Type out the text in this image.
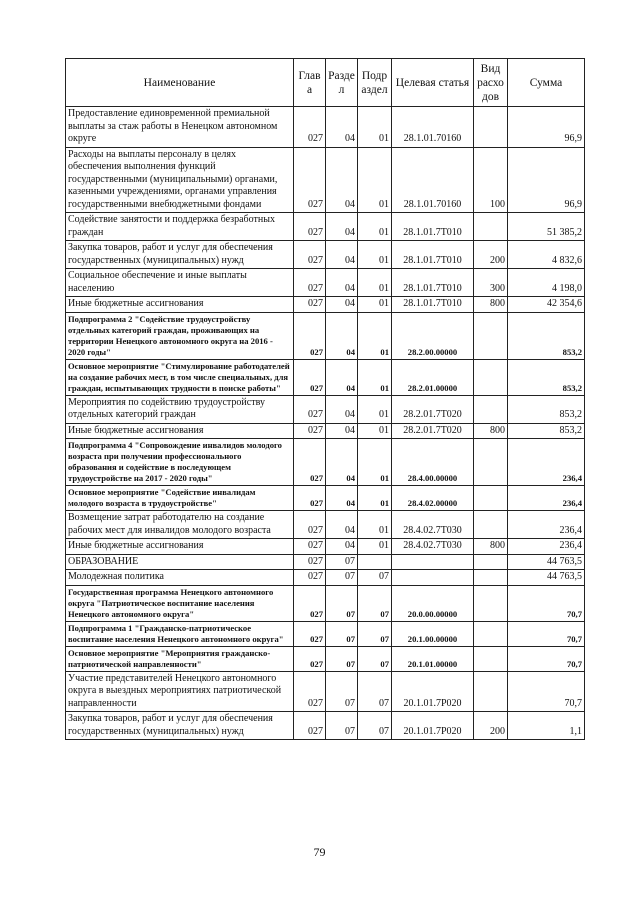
Наименование	Глав а	Разде л	Подр аздел	Целевая статья	Вид расхо дов	Сумма
Предоставление единовременной премиальной выплаты за стаж работы в Ненецком автономном округе	027	04	01	28.1.01.70160		96,9
Расходы на выплаты персоналу в целях обеспечения выполнения функций государственными (муниципальными) органами, казенными учреждениями, органами управления государственными внебюджетными фондами	027	04	01	28.1.01.70160	100	96,9
Содействие занятости и поддержка безработных граждан	027	04	01	28.1.01.7Т010		51 385,2
Закупка товаров, работ и услуг для обеспечения государственных (муниципальных) нужд	027	04	01	28.1.01.7Т010	200	4 832,6
Социальное обеспечение и иные выплаты населению	027	04	01	28.1.01.7Т010	300	4 198,0
Иные бюджетные ассигнования	027	04	01	28.1.01.7Т010	800	42 354,6
Подпрограмма 2 "Содействие трудоустройству отдельных категорий граждан, проживающих на территории Ненецкого автономного округа на 2016 - 2020 годы"	027	04	01	28.2.00.00000		853,2
Основное мероприятие "Стимулирование работодателей на создание рабочих мест, в том числе специальных, для граждан, испытывающих трудности в поиске работы"	027	04	01	28.2.01.00000		853,2
Мероприятия по содействию трудоустройству отдельных категорий граждан	027	04	01	28.2.01.7Т020		853,2
Иные бюджетные ассигнования	027	04	01	28.2.01.7Т020	800	853,2
Подпрограмма 4 "Сопровождение инвалидов молодого возраста при получении профессионального образования и содействие в последующем трудоустройстве на 2017 - 2020 годы"	027	04	01	28.4.00.00000		236,4
Основное мероприятие "Содействие инвалидам молодого возраста в трудоустройстве"	027	04	01	28.4.02.00000		236,4
Возмещение затрат работодателю на создание рабочих мест для инвалидов молодого возраста	027	04	01	28.4.02.7Т030		236,4
Иные бюджетные ассигнования	027	04	01	28.4.02.7Т030	800	236,4
ОБРАЗОВАНИЕ	027	07				44 763,5
Молодежная политика	027	07	07			44 763,5
Государственная программа Ненецкого автономного округа "Патриотическое воспитание населения Ненецкого автономного округа"	027	07	07	20.0.00.00000		70,7
Подпрограмма 1 "Гражданско-патриотическое воспитание населения Ненецкого автономного округа"	027	07	07	20.1.00.00000		70,7
Основное мероприятие "Мероприятия гражданско-патриотической направленности"	027	07	07	20.1.01.00000		70,7
Участие представителей Ненецкого автономного округа в выездных мероприятиях патриотической направленности	027	07	07	20.1.01.7Р020		70,7
Закупка товаров, работ и услуг для обеспечения государственных (муниципальных) нужд	027	07	07	20.1.01.7Р020	200	1,1
79
